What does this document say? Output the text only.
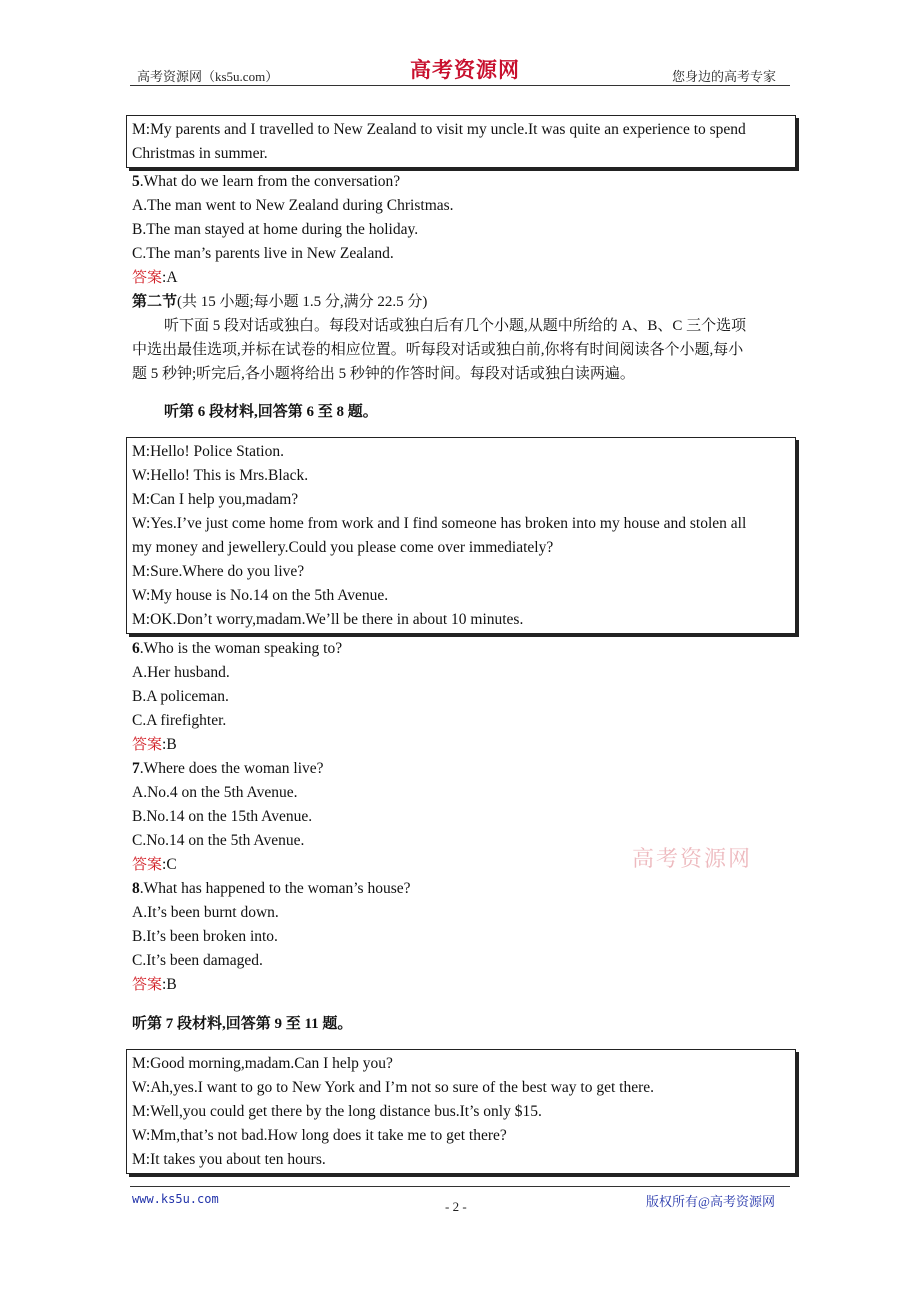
高考资源网（ks5u.com）	高考资源网	您身边的高考专家
M:My parents and I travelled to New Zealand to visit my uncle.It was quite an experience to spend
Christmas in summer.
5.What do we learn from the conversation?
A.The man went to New Zealand during Christmas.
B.The man stayed at home during the holiday.
C.The man’s parents live in New Zealand.
答案:A
第二节(共 15 小题;每小题 1.5 分,满分 22.5 分)
听下面 5 段对话或独白。每段对话或独白后有几个小题,从题中所给的 A、B、C 三个选项
中选出最佳选项,并标在试卷的相应位置。听每段对话或独白前,你将有时间阅读各个小题,每小
题 5 秒钟;听完后,各小题将给出 5 秒钟的作答时间。每段对话或独白读两遍。
听第 6 段材料,回答第 6 至 8 题。
M:Hello! Police Station.
W:Hello! This is Mrs.Black.
M:Can I help you,madam?
W:Yes.I’ve just come home from work and I find someone has broken into my house and stolen all
my money and jewellery.Could you please come over immediately?
M:Sure.Where do you live?
W:My house is No.14 on the 5th Avenue.
M:OK.Don’t worry,madam.We’ll be there in about 10 minutes.
6.Who is the woman speaking to?
A.Her husband.
B.A policeman.
C.A firefighter.
答案:B
7.Where does the woman live?
A.No.4 on the 5th Avenue.
B.No.14 on the 15th Avenue.
C.No.14 on the 5th Avenue.
答案:C
8.What has happened to the woman’s house?
A.It’s been burnt down.
B.It’s been broken into.
C.It’s been damaged.
答案:B
高考资源网
听第 7 段材料,回答第 9 至 11 题。
M:Good morning,madam.Can I help you?
W:Ah,yes.I want to go to New York and I’m not so sure of the best way to get there.
M:Well,you could get there by the long distance bus.It’s only $15.
W:Mm,that’s not bad.How long does it take me to get there?
M:It takes you about ten hours.
www.ks5u.com	- 2 -	版权所有@高考资源网
